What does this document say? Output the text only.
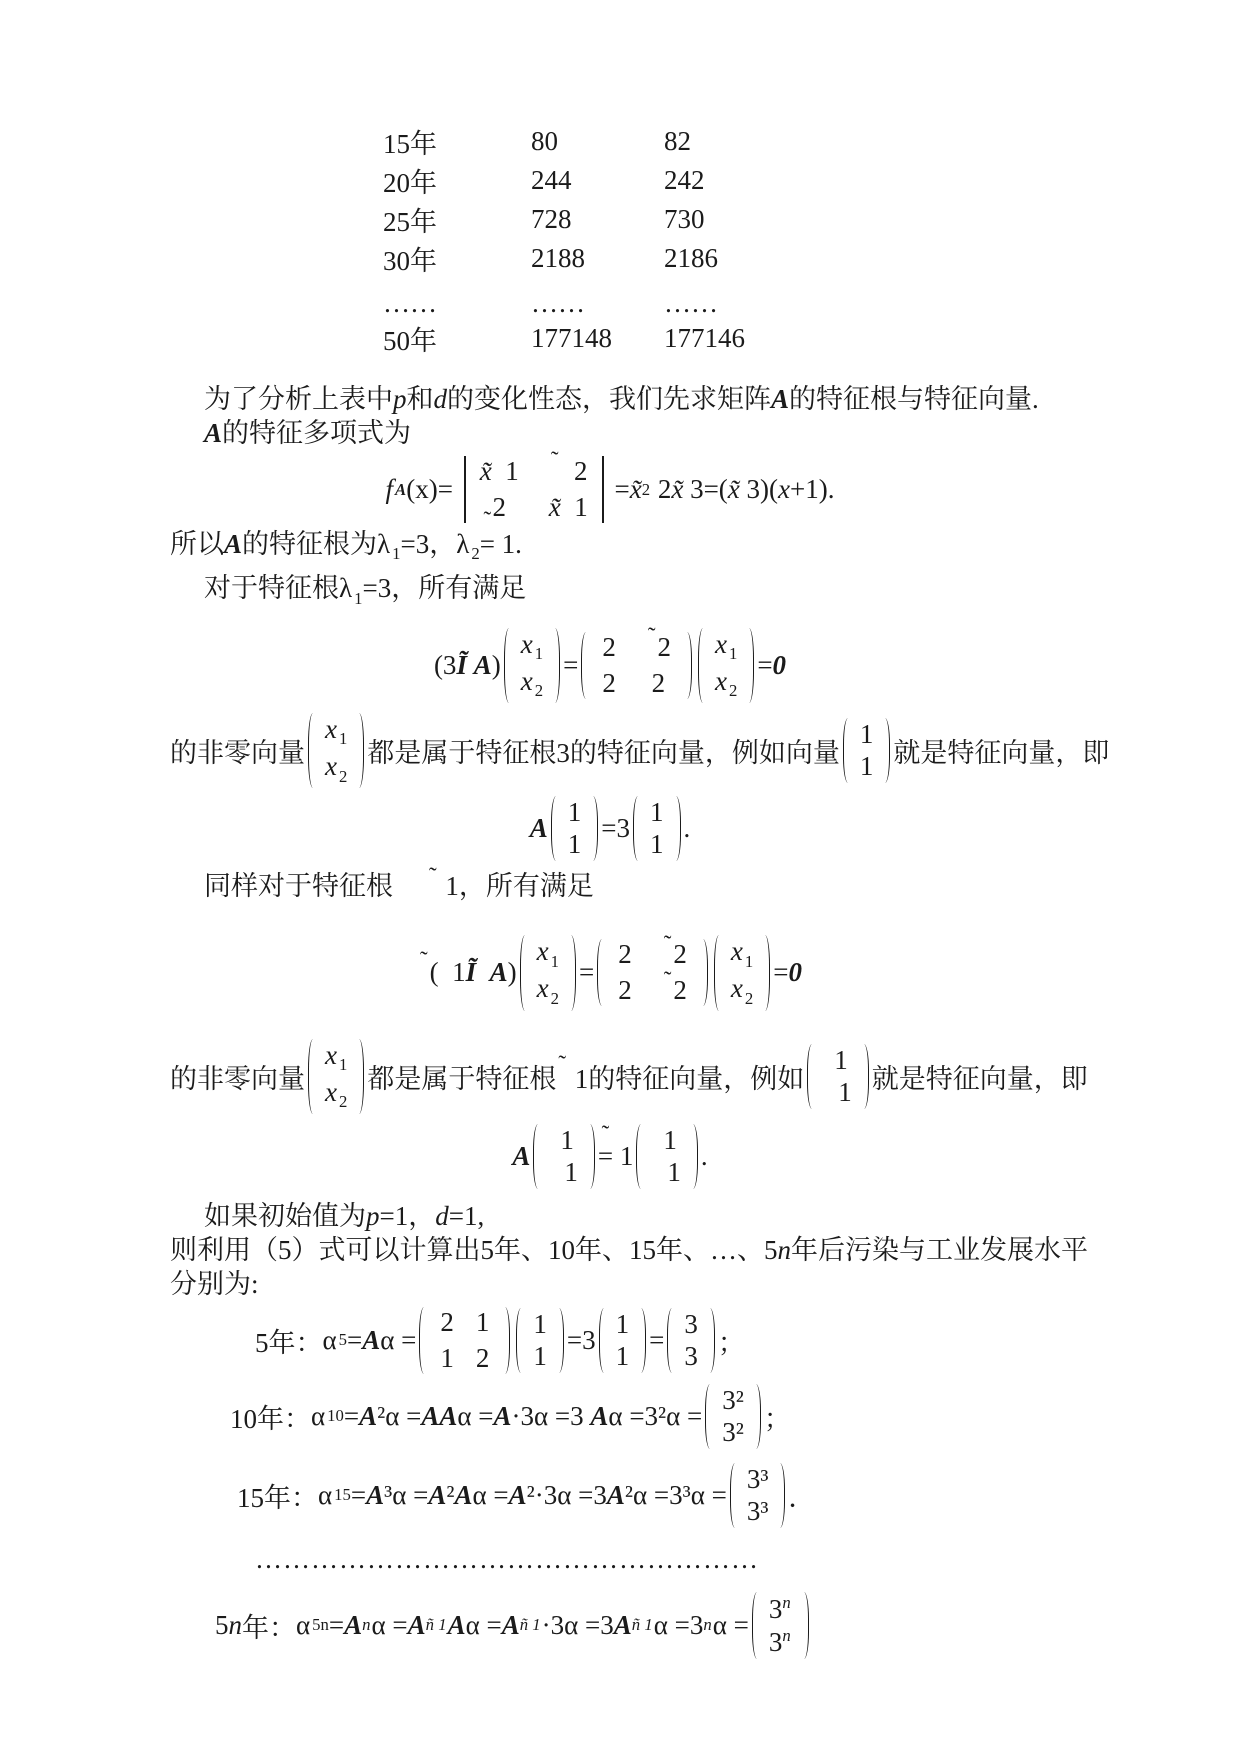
15年	80	82
20年	244	242
25年	728	730
30年	2188	2186
……	……	……
50年	177148	177146
为了分析上表中p和d的变化性态，我们先求矩阵A的特征根与特征向量.
A的特征多项式为
f A (x)=
x̃  1 ˜  2
2 x̃  1
= x̃ 2 2 x̃ 3=( x̃ 3)( x +1).
所以A的特征根为λ $_1$=3，λ $_2$=
˜
1.
对于特征根λ $_1$=3，所有满足
(3 Ĩ
A )
x $_1$
x $_2$
=
2 ˜2
2 2
x $_1$
x $_2$
= 0
的非零向量
x $_1$
x $_2$
都是属于特征根3的特征向量，例如向量
1
1 就是特征向量，即
A
1
1
=3
1
1
.
同样对于特征根 ˜ 1，所有满足
˜ ( 1 Ĩ
A )
x $_1$
x $_2$
=
2 ˜2
2 ˜2
x $_1$
x $_2$
= 0
的非零向量
x $_1$
x $_2$
都是属于特征根
˜
1的特征向量，例如
1
1 就是特征向量，即
A
1
1
=
˜
1
1
1
.
如果初始值为p=1，d=1,
则利用（5）式可以计算出5年、10年、15年、…、5n年后污染与工业发展水平
分别为:
5年： α 5 = A α =
2 1
1 2
1
1
=3
1
1
=
3
3 ；
10年： α 10 = A ²α = AA α = A ·3α =3 A α =3²α =
3²
3² ；
15年： α 15 = A ³α = A ² A α = A ²·3α =3 A ²α =3³α =
3³
3³ ．
………………………………………………
5 n 年： α 5n = A n α = A ñ 1 A α = A ñ 1 ·3α =3 A ñ 1 α =3 n α =
$3^n$
3$^n$
